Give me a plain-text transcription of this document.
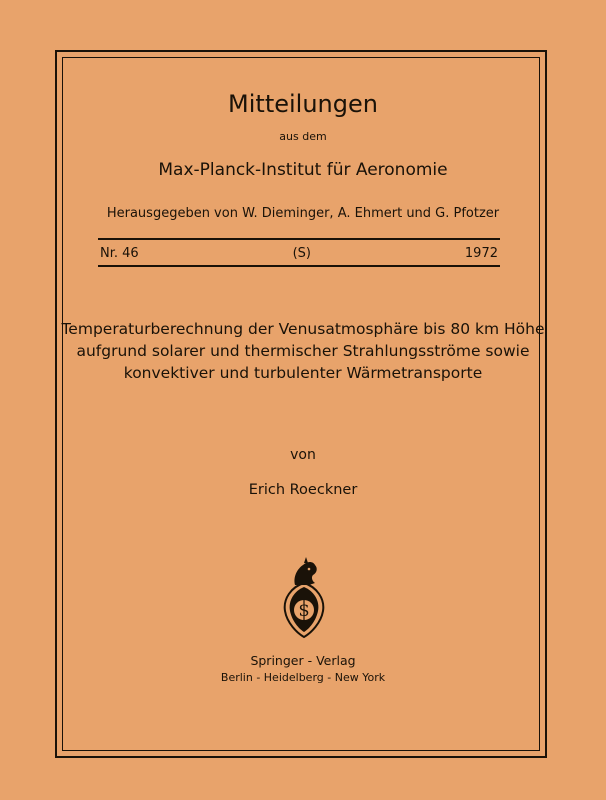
Mitteilungen
aus dem
Max-Planck-Institut für Aeronomie
Herausgegeben von W. Dieminger, A. Ehmert und G. Pfotzer
Nr. 46	(S)	1972
Temperaturberechnung der Venusatmosphäre bis 80 km Höhe
aufgrund solarer und thermischer Strahlungsströme sowie
konvektiver und turbulenter Wärmetransporte
von
Erich Roeckner
S
Springer - Verlag
Berlin - Heidelberg - New York
